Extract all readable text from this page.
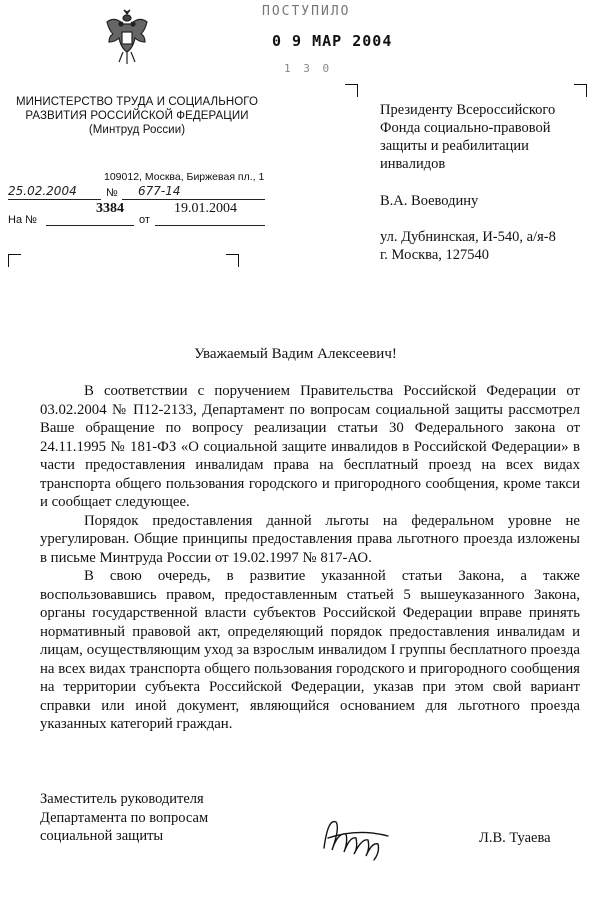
МИНИСТЕРСТВО ТРУДА И СОЦИАЛЬНОГО
РАЗВИТИЯ РОССИЙСКОЙ ФЕДЕРАЦИИ
(Минтруд России)
109012, Москва, Биржевая пл., 1
25.02.2004	№ 677-14
На №
3384
от
19.01.2004
ПОСТУПИЛО
0 9 МАР 2004
1 3 0
Президенту Всероссийского
Фонда социально-правовой
защиты и реабилитации
инвалидов
В.А. Воеводину
ул. Дубнинская, И-540, а/я-8
г. Москва, 127540
Уважаемый Вадим Алексеевич!

В соответствии с поручением Правительства Российской Федерации от 03.02.2004 № П12-2133, Департамент по вопросам социальной защиты рассмотрел Ваше обращение по вопросу реализации статьи 30 Федерального закона от 24.11.1995 № 181-ФЗ «О социальной защите инвалидов в Российской Федерации» в части предоставления инвалидам права на бесплатный проезд на всех видах транспорта общего пользования городского и пригородного сообщения, кроме такси и сообщает следующее.

Порядок предоставления данной льготы на федеральном уровне не урегулирован. Общие принципы предоставления права льготного проезда изложены в письме Минтруда России от 19.02.1997 № 817-АО.

В свою очередь, в развитие указанной статьи Закона, а также воспользовавшись правом, предоставленным статьей 5 вышеуказанного Закона, органы государственной власти субъектов Российской Федерации вправе принять нормативный правовой акт, определяющий порядок предоставления инвалидам и лицам, осуществляющим уход за взрослым инвалидом I группы бесплатного проезда на всех видах транспорта общего пользования городского и пригородного сообщения на территории субъекта Российской Федерации, указав при этом свой вариант справки или иной документ, являющийся основанием для льготного проезда указанных категорий граждан.

Заместитель руководителя
Департамента по вопросам
социальной защиты	Л.В. Туаева
